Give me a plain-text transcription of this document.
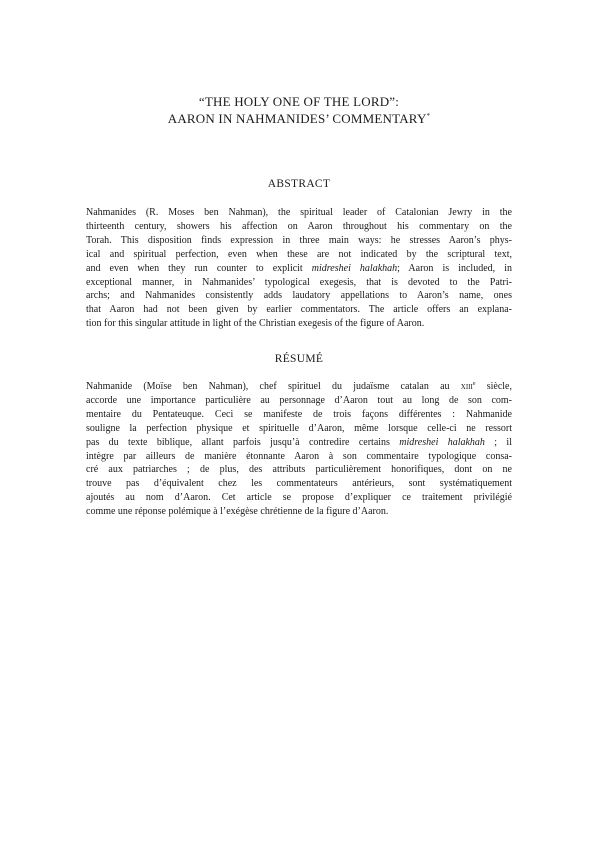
“THE HOLY ONE OF THE LORD”:
AARON IN NAHMANIDES’ COMMENTARY*
ABSTRACT
Nahmanides (R. Moses ben Nahman), the spiritual leader of Catalonian Jewry in the
thirteenth century, showers his affection on Aaron throughout his commentary on the
Torah. This disposition finds expression in three main ways: he stresses Aaron’s phys-
ical and spiritual perfection, even when these are not indicated by the scriptural text,
and even when they run counter to explicit midreshei halakhah; Aaron is included, in
exceptional manner, in Nahmanides’ typological exegesis, that is devoted to the Patri-
archs; and Nahmanides consistently adds laudatory appellations to Aaron’s name, ones
that Aaron had not been given by earlier commentators. The article offers an explana-
tion for this singular attitude in light of the Christian exegesis of the figure of Aaron.
RÉSUMÉ
Nahmanide (Moïse ben Nahman), chef spirituel du judaïsme catalan au xiii$^e$ siècle,
accorde une importance particulière au personnage d’Aaron tout au long de son com-
mentaire du Pentateuque. Ceci se manifeste de trois façons différentes : Nahmanide
souligne la perfection physique et spirituelle d’Aaron, même lorsque celle-ci ne ressort
pas du texte biblique, allant parfois jusqu’à contredire certains midreshei halakhah ; il
intègre par ailleurs de manière étonnante Aaron à son commentaire typologique consa-
cré aux patriarches ; de plus, des attributs particulièrement honorifiques, dont on ne
trouve pas d’équivalent chez les commentateurs antérieurs, sont systématiquement
ajoutés au nom d’Aaron. Cet article se propose d’expliquer ce traitement privilégié
comme une réponse polémique à l’exégèse chrétienne de la figure d’Aaron.
